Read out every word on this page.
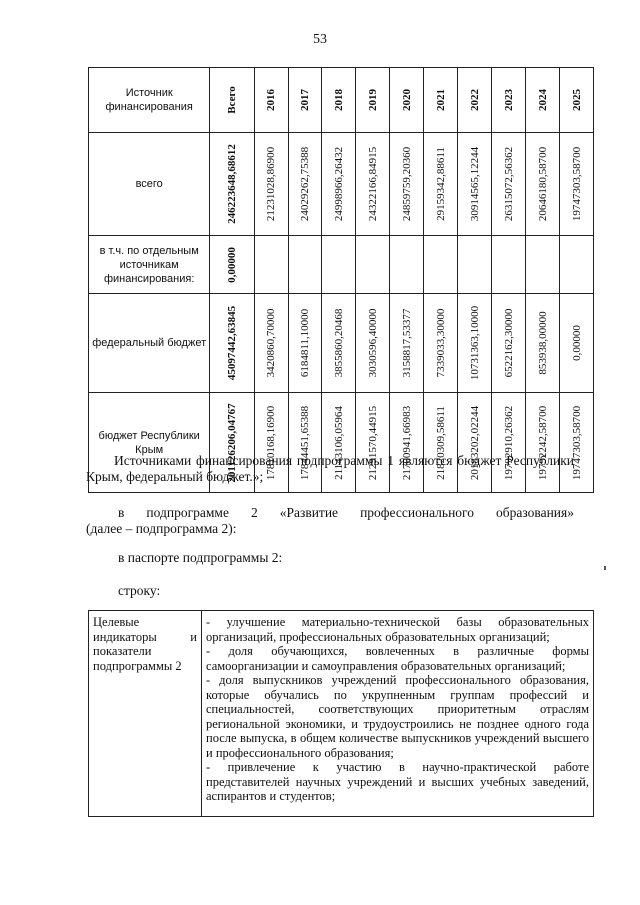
53
Источник финансирования	Всего	2016	2017	2018	2019	2020	2021	2022	2023	2024	2025

всего	246223648,68612	21231028,86900	24029262,75388	24998966,26432	24322166,84915	24859759,20360	29159342,88611	30914565,12244	26315072,56362	20646180,58700	19747303,58700

в т.ч. по отдельным источникам финансирования:	0,00000										

федеральный бюджет	45097442,63845	3420860,70000	6184811,10000	3855860,20468	3030596,40000	3158817,53377	7339033,30000	10731363,10000	6522162,30000	853938,00000	0,00000

бюджет Республики Крым	201126206,04767	17810168,16900	17844451,65388	21143106,05964	21291570,44915	21700941,66983	21820309,58611	20183202,02244	19792910,26362	19792242,58700	19747303,58700
Источниками финансирования подпрограммы 1 являются бюджет Республики Крым, федеральный бюджет.»;
в подпрограмме 2 «Развитие профессионального образования»
(далее – подпрограмма 2):
в паспорте подпрограммы 2:
строку:
Целевые
индикаторы	и
показатели
подпрограммы 2

- улучшение материально-технической базы образовательных организаций, профессиональных образовательных организаций;

- доля обучающихся, вовлеченных в различные формы самоорганизации и самоуправления образовательных организаций;

- доля выпускников учреждений профессионального образования, которые обучались по укрупненным группам профессий и специальностей, соответствующих приоритетным отраслям региональной экономики, и трудоустроились не позднее одного года после выпуска, в общем количестве выпускников учреждений высшего и профессионального образования;

- привлечение к участию в научно-практической работе представителей научных учреждений и высших учебных заведений, аспирантов и студентов;
